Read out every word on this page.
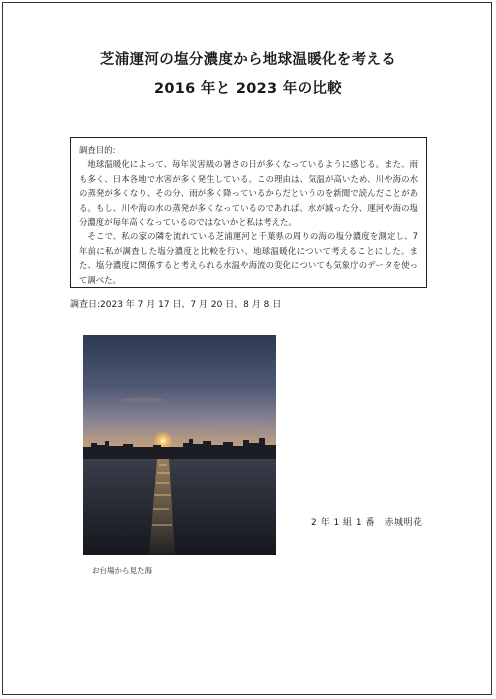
芝浦運河の塩分濃度から地球温暖化を考える
2016 年と 2023 年の比較

調査目的:

地球温暖化によって、毎年災害級の暑さの日が多くなっているように感じる。また、雨も多く、日本各地で水害が多く発生している。この理由は、気温が高いため、川や海の水の蒸発が多くなり、その分、雨が多く降っているからだというのを新聞で読んだことがある。もし、川や海の水の蒸発が多くなっているのであれば、水が減った分、運河や海の塩分濃度が毎年高くなっているのではないかと私は考えた。

そこで、私の家の隣を流れている芝浦運河と千葉県の周りの海の塩分濃度を測定し、7 年前に私が調査した塩分濃度と比較を行い、地球温暖化について考えることにした。また、塩分濃度に関係すると考えられる水温や海流の変化についても気象庁のデータを使って調べた。

調査日:2023 年 7 月 17 日、7 月 20 日、8 月 8 日
お台場から見た海
2 年 1 組 1 番　赤城明花
